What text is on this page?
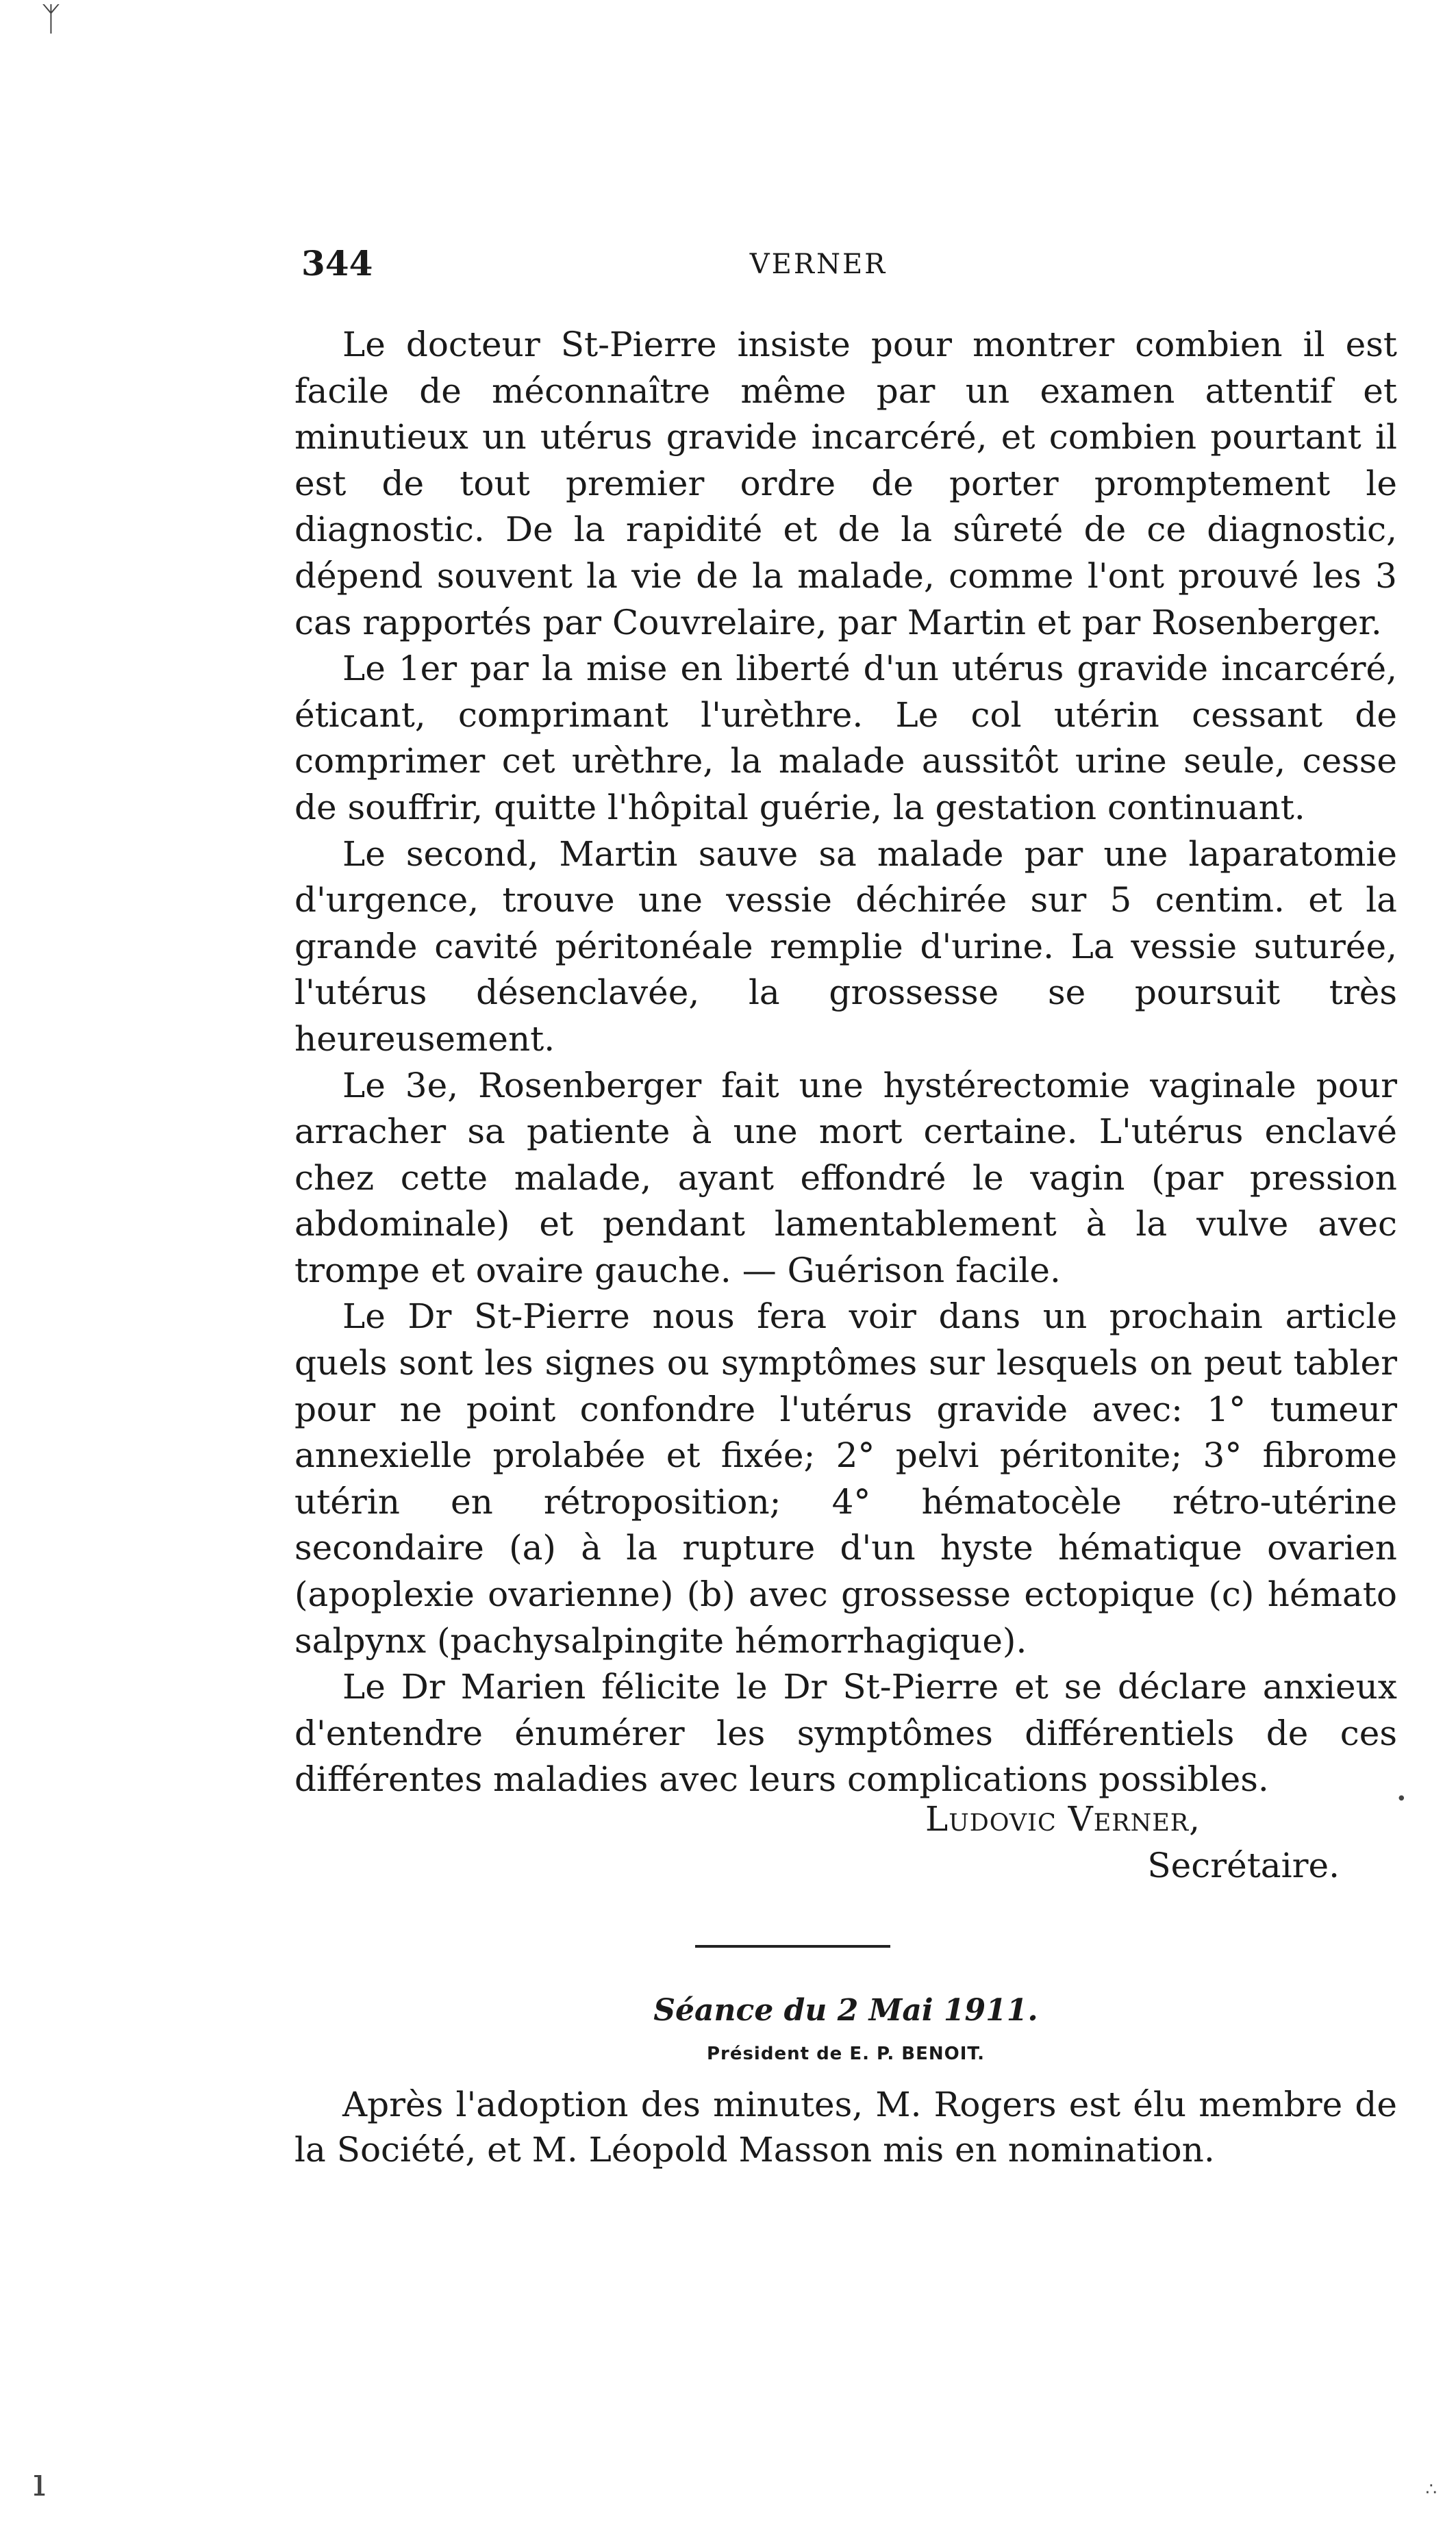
ᛉ
344	VERNER

Le docteur St-Pierre insiste pour montrer combien il est facile de méconnaître même par un examen attentif et minutieux un utérus gravide incarcéré, et combien pourtant il est de tout premier ordre de porter promptement le diagnostic. De la rapidité et de la sûreté de ce diagnostic, dépend souvent la vie de la malade, comme l'ont prouvé les 3 cas rapportés par Couvrelaire, par Martin et par Rosenberger.

Le 1er par la mise en liberté d'un utérus gravide incarcéré, éticant, comprimant l'urèthre. Le col utérin cessant de comprimer cet urèthre, la malade aussitôt urine seule, cesse de souffrir, quitte l'hôpital guérie, la gestation continuant.

Le second, Martin sauve sa malade par une laparatomie d'urgence, trouve une vessie déchirée sur 5 centim. et la grande cavité péritonéale remplie d'urine. La vessie suturée, l'utérus désenclavée, la grossesse se poursuit très heureusement.

Le 3e, Rosenberger fait une hystérectomie vaginale pour arracher sa patiente à une mort certaine. L'utérus enclavé chez cette malade, ayant effondré le vagin (par pression abdominale) et pendant lamentablement à la vulve avec trompe et ovaire gauche. — Guérison facile.

Le Dr St-Pierre nous fera voir dans un prochain article quels sont les signes ou symptômes sur lesquels on peut tabler pour ne point confondre l'utérus gravide avec: 1° tumeur annexielle prolabée et fixée; 2° pelvi péritonite; 3° fibrome utérin en rétroposition; 4° hématocèle rétro-utérine secondaire (a) à la rupture d'un hyste hématique ovarien (apoplexie ovarienne) (b) avec grossesse ectopique (c) hémato salpynx (pachysalpingite hémorrhagique).

Le Dr Marien félicite le Dr St-Pierre et se déclare anxieux d'entendre énumérer les symptômes différentiels de ces différentes maladies avec leurs complications possibles.	•
Ludovic Verner,
Secrétaire.
Séance du 2 Mai 1911.
Président de E. P. BENOIT.

Après l'adoption des minutes, M. Rogers est élu membre de la Société, et M. Léopold Masson mis en nomination.

ı	∴
